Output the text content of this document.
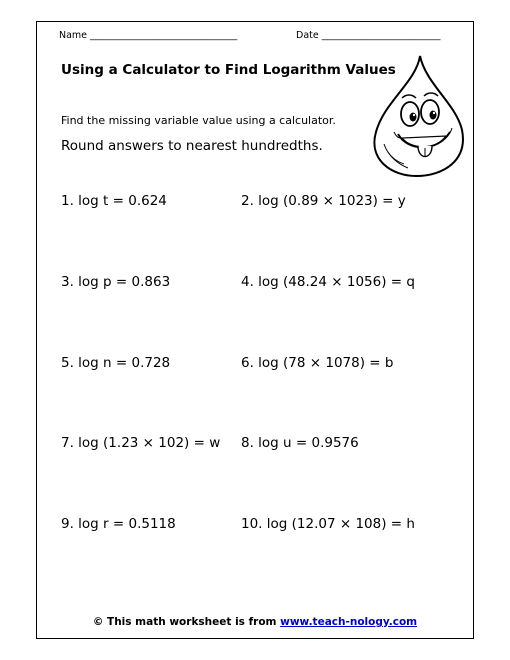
Name _______________________________	Date _________________________
Using a Calculator to Find Logarithm Values
Find the missing variable value using a calculator.
Round answers to nearest hundredths.
1. log t = 0.624	2. log (0.89 × 1023) = y
3. log p = 0.863	4. log (48.24 × 1056) = q
5. log n = 0.728	6. log (78 × 1078) = b
7. log (1.23 × 102) = w 8. log u = 0.9576
9. log r = 0.5118	10. log (12.07 × 108) = h
© This math worksheet is from www.teach-nology.com
